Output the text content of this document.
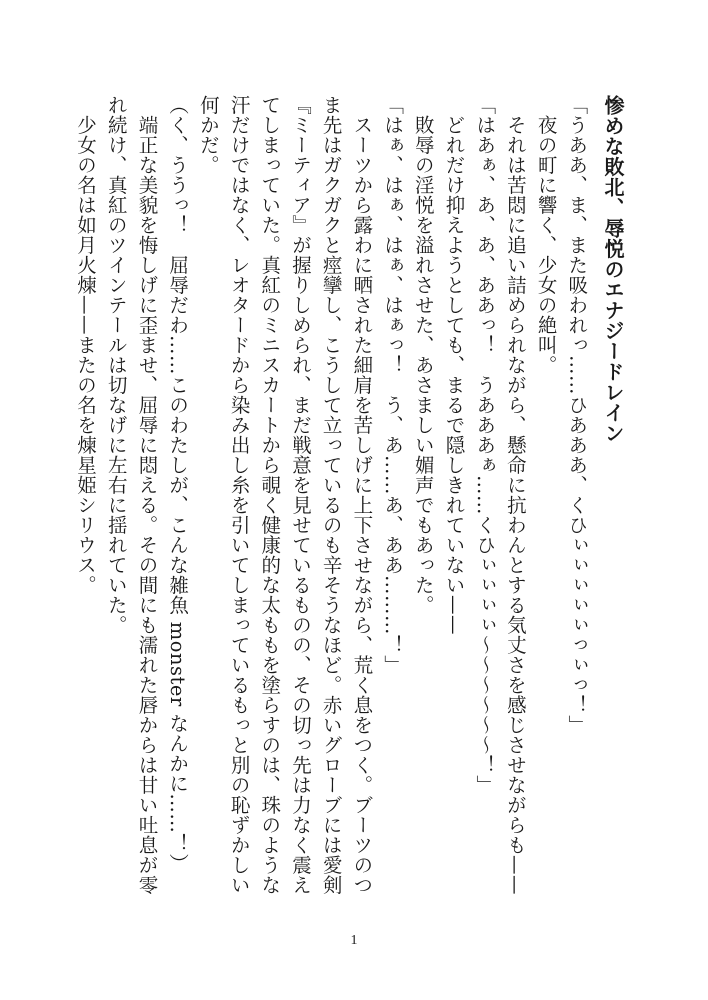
惨めな敗北、辱悦のエナジードレイン

「うああ、ま、また吸われっ……ひあああ、くひぃぃぃぃぃっぃっ！」

　夜の町に響く、少女の絶叫。

　それは苦悶に追い詰められながら、懸命に抗わんとする気丈さを感じさせながらも——

「はあぁ、あ、あ、ああっ！　うあああぁ……くひぃぃぃぃ〜〜〜〜〜〜！」

　どれだけ抑えようとしても、まるで隠しきれていない——

　敗辱の淫悦を溢れさせた、あさましい媚声でもあった。

「はぁ、はぁ、はぁ、はぁっ！　う、あ……あ、ああ………！」

　スーツから露わに晒された細肩を苦しげに上下させながら、荒く息をつく。ブーツのつ

ま先はガクガクと痙攣し、こうして立っているのも辛そうなほど。赤いグローブには愛剣

『ミーティア』が握りしめられ、まだ戦意を見せているものの、その切っ先は力なく震え

てしまっていた。真紅のミニスカートから覗く健康的な太ももを塗らすのは、珠のような

汗だけではなく、レオタードから染み出し糸を引いてしまっているもっと別の恥ずかしい

何かだ。

（く、ううっ！　屈辱だわ……このわたしが、こんな雑魚 monster なんかに……！）

　端正な美貌を悔しげに歪ませ、屈辱に悶える。その間にも濡れた唇からは甘い吐息が零

れ続け、真紅のツインテールは切なげに左右に揺れていた。

　少女の名は如月火煉——またの名を煉星姫シリウス。

1
